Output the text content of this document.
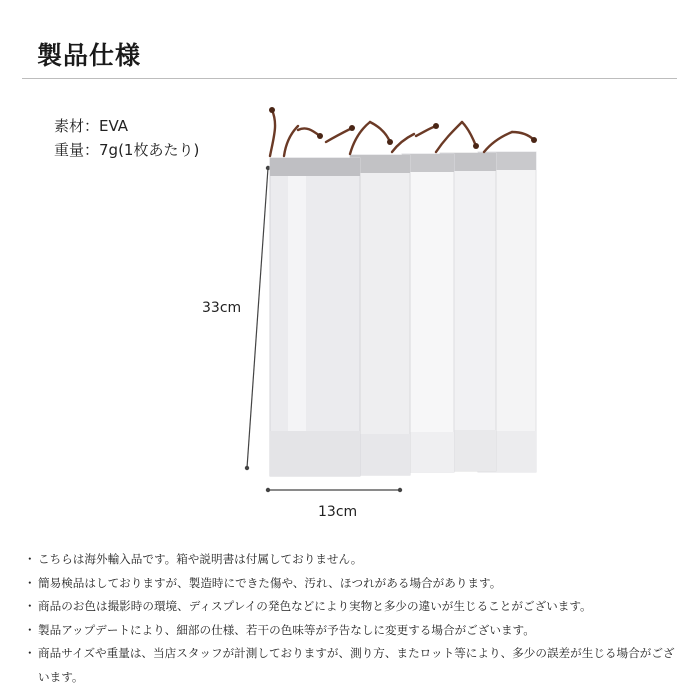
製品仕様
素材：EVA
重量：7g(1枚あたり)
33cm
13cm
・ こちらは海外輸入品です。箱や説明書は付属しておりません。
・ 簡易検品はしておりますが、製造時にできた傷や、汚れ、ほつれがある場合があります。
・ 商品のお色は撮影時の環境、ディスプレイの発色などにより実物と多少の違いが生じることがございます。
・ 製品アップデートにより、細部の仕様、若干の色味等が予告なしに変更する場合がございます。
・ 商品サイズや重量は、当店スタッフが計測しておりますが、測り方、またロット等により、多少の誤差が生じる場合がございます。
